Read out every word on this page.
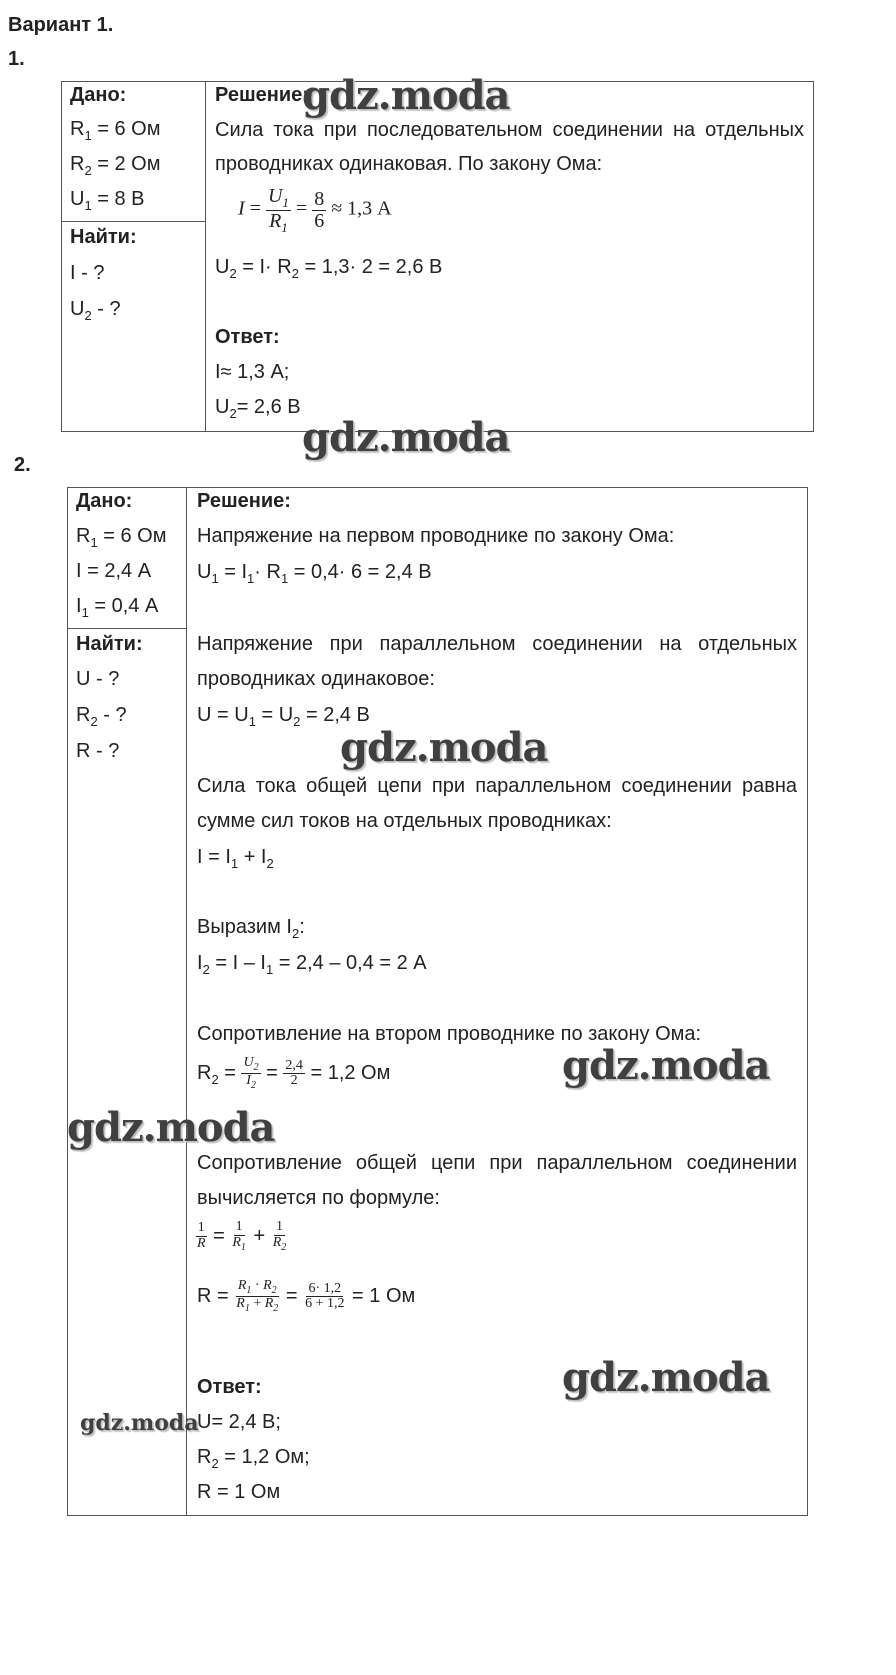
Вариант 1.
1.
Дано:
$R_1 = 6$ Ом
$R_2 = 2$ Ом
$U_1 = 8$ В
Найти:
I - ?
$U_2$ - ?
Решение:
Сила тока при последовательном соединении на отдельных
проводниках одинаковая. По закону Ома:
$I = \frac{U_1}{R_1} = \frac{8}{6} \approx 1,3$ А
$U_2 = I\cdot R_2 = 1,3\cdot 2 = 2,6$ В
Ответ:
I≈ 1,3 А;
$U_2= 2,6$ В
2.
Дано:
$R_1 = 6$ Ом
I = 2,4 А
$I_1 = 0,4$ А
Найти:
U - ?
$R_2$ - ?
R - ?
Решение:
Напряжение на первом проводнике по закону Ома:
$U_1 = I_1\cdot R_1 = 0,4\cdot 6 = 2,4$ В
Напряжение при параллельном соединении на отдельных
проводниках одинаковое:
$U = U_1 = U_2 = 2,4$ В
Сила тока общей цепи при параллельном соединении равна
сумме сил токов на отдельных проводниках:
$I = I_1 + I_2$
Выразим $I_2$:
$I_2 = I - I_1 = 2,4 - 0,4 = 2$ А
Сопротивление на втором проводнике по закону Ома:
$R_2 = \frac{U_2}{I_2} = \frac{2,4}{2} = 1,2$ Ом
Сопротивление общей цепи при параллельном соединении
вычисляется по формуле:
$\frac{1}{R} = \frac{1}{R_1} + \frac{1}{R_2}$
$R = \frac{R_1 \cdot R_2}{R_1 + R_2} = \frac{6\cdot 1,2}{6 + 1,2} = 1$ Ом
Ответ:
U= 2,4 В;
$R_2 = 1,2$ Ом;
R = 1 Ом
gdz.moda
gdz.moda
gdz.moda
gdz.moda
gdz.moda
gdz.moda
gdz.moda
